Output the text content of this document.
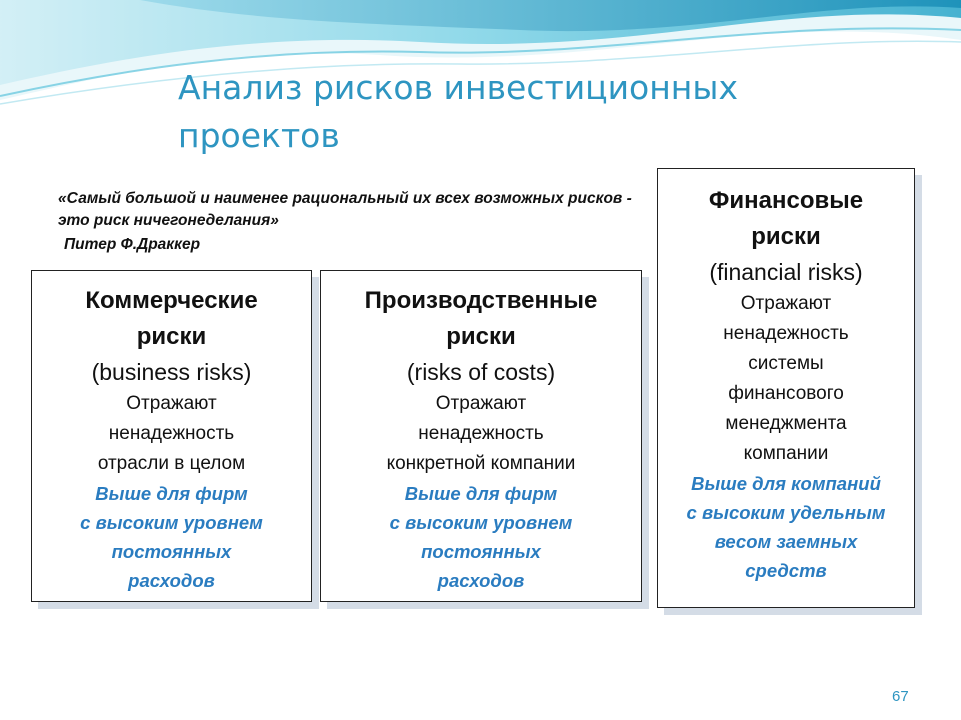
Анализ рисков инвестиционных проектов

«Самый большой и наименее рациональный их всех возможных рисков - это риск ничегонеделания»

Питер Ф.Драккер
Коммерческие
риски
(business risks)
Отражают
ненадежность
отрасли в целом
Выше для фирм
с высоким уровнем
постоянных
расходов
Производственные
риски
(risks of costs)
Отражают
ненадежность
конкретной компании
Выше для фирм
с высоким уровнем
постоянных
расходов
Финансовые
риски
(financial risks)
Отражают
ненадежность
системы
финансового
менеджмента
компании
Выше для компаний
с высоким удельным
весом заемных
средств
67
